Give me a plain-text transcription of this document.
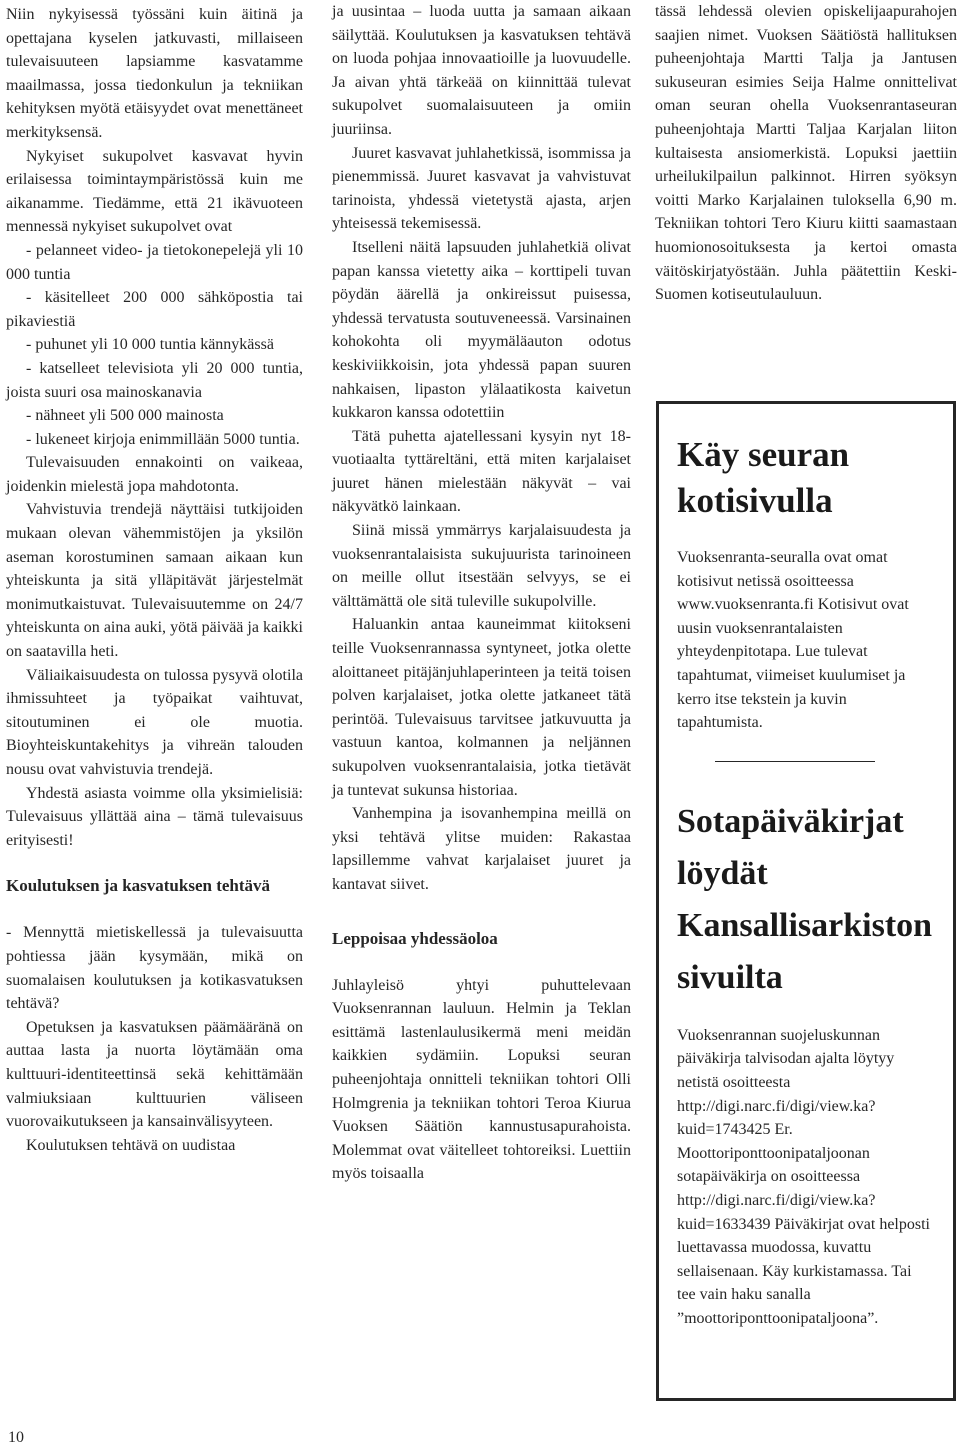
Niin nykyisessä työssäni kuin äitinä ja opettajana kyselen jatkuvasti, millaiseen tulevaisuuteen lapsiamme kasvatamme maailmassa, jossa tiedonkulun ja tekniikan kehityksen myötä etäisyydet ovat menettäneet merkityksensä.

Nykyiset sukupolvet kasvavat hyvin erilaisessa toimintaympäristössä kuin me aikanamme. Tiedämme, että 21 ikävuoteen mennessä nykyiset sukupolvet ovat

- pelanneet video- ja tietokonepelejä yli 10 000 tuntia

- käsitelleet 200 000 sähköpostia tai pikaviestiä

- puhunet yli 10 000 tuntia kännykässä

- katselleet televisiota yli 20 000 tuntia, joista suuri osa mainoskanavia

- nähneet yli 500 000 mainosta

- lukeneet kirjoja enimmillään 5000 tuntia.

Tulevaisuuden ennakointi on vaikeaa, joidenkin mielestä jopa mahdotonta.

Vahvistuvia trendejä näyttäisi tutkijoiden mukaan olevan vähemmistöjen ja yksilön aseman korostuminen samaan aikaan kun yhteiskunta ja sitä ylläpitävät järjestelmät monimutkaistuvat. Tulevaisuutemme on 24/7 yhteiskunta on aina auki, yötä päivää ja kaikki on saatavilla heti.

Väliaikaisuudesta on tulossa pysyvä olotila ihmissuhteet ja työpaikat vaihtuvat, sitoutuminen ei ole muotia. Bioyhteiskuntakehitys ja vihreän talouden nousu ovat vahvistuvia trendejä.

Yhdestä asiasta voimme olla yksimielisiä: Tulevaisuus yllättää aina – tämä tulevaisuus erityisesti!

Koulutuksen ja kasvatuksen tehtävä

- Mennyttä mietiskellessä ja tulevaisuutta pohtiessa jään kysymään, mikä on suomalaisen koulutuksen ja kotikasvatuksen tehtävä?

Opetuksen ja kasvatuksen päämääränä on auttaa lasta ja nuorta löytämään oma kulttuuri-identiteettinsä sekä kehittämään valmiuksiaan kulttuurien väliseen vuorovaikutukseen ja kansainvälisyyteen.

Koulutuksen tehtävä on uudistaa

ja uusintaa – luoda uutta ja samaan aikaan säilyttää. Koulutuksen ja kasvatuksen tehtävä on luoda pohjaa innovaatioille ja luovuudelle. Ja aivan yhtä tärkeää on kiinnittää tulevat sukupolvet suomalaisuuteen ja omiin juuriinsa.

Juuret kasvavat juhlahetkissä, isommissa ja pienemmissä. Juuret kasvavat ja vahvistuvat tarinoista, yhdessä vietetystä ajasta, arjen yhteisessä tekemisessä.

Itselleni näitä lapsuuden juhlahetkiä olivat papan kanssa vietetty aika – korttipeli tuvan pöydän äärellä ja onkireissut puisessa, yhdessä tervatusta soutuveneessä. Varsinainen kohokohta oli myymäläauton odotus keskiviikkoisin, jota yhdessä papan suuren nahkaisen, lipaston ylälaatikosta kaivetun kukkaron kanssa odotettiin

Tätä puhetta ajatellessani kysyin nyt 18-vuotiaalta tyttäreltäni, että miten karjalaiset juuret hänen mielestään näkyvät – vai näkyvätkö lainkaan.

Siinä missä ymmärrys karjalaisuudesta ja vuoksenrantalaisista sukujuurista tarinoineen on meille ollut itsestään selvyys, se ei välttämättä ole sitä tuleville sukupolville.

Haluankin antaa kauneimmat kiitokseni teille Vuoksenrannassa syntyneet, jotka olette aloittaneet pitäjänjuhlaperinteen ja teitä toisen polven karjalaiset, jotka olette jatkaneet tätä perintöä. Tulevaisuus tarvitsee jatkuvuutta ja vastuun kantoa, kolmannen ja neljännen sukupolven vuoksenrantalaisia, jotka tietävät ja tuntevat sukunsa historiaa.

Vanhempina ja isovanhempina meillä on yksi tehtävä ylitse muiden: Rakastaa lapsillemme vahvat karjalaiset juuret ja kantavat siivet.

Leppoisaa yhdessäoloa

Juhlayleisö yhtyi puhuttelevaan Vuoksenrannan lauluun. Helmin ja Teklan esittämä lastenlaulusikermä meni meidän kaikkien sydämiin. Lopuksi seuran puheenjohtaja onnitteli tekniikan tohtori Olli Holmgrenia ja tekniikan tohtori Teroa Kiurua Vuoksen Säätiön kannustusapurahoista. Molemmat ovat väitelleet tohtoreiksi. Luettiin myös toisaalla

tässä lehdessä olevien opiskelijaapurahojen saajien nimet. Vuoksen Säätiöstä hallituksen puheenjohtaja Martti Talja ja Jantusen sukuseuran esimies Seija Halme onnittelivat oman seuran ohella Vuoksenrantaseuran puheenjohtaja Martti Taljaa Karjalan liiton kultaisesta ansiomerkistä. Lopuksi jaettiin urheilukilpailun palkinnot. Hirren syöksyn voitti Marko Karjalainen tuloksella 6,90 m. Tekniikan tohtori Tero Kiuru kiitti saamastaan huomionosoituksesta ja kertoi omasta väitöskirjatyöstään. Juhla päätettiin Keski-Suomen kotiseutulauluun.

Käy seuran kotisivulla

Vuoksenranta-seuralla ovat omat kotisivut netissä osoitteessa www.vuoksenranta.fi Kotisivut ovat uusin vuoksenrantalaisten yhteydenpitotapa. Lue tulevat tapahtumat, viimeiset kuulumiset ja kerro itse tekstein ja kuvin tapahtumista.

Sotapäiväkirjat löydät Kansallisarkiston sivuilta

Vuoksenrannan suojeluskunnan päiväkirja talvisodan ajalta löytyy netistä osoitteesta http://digi.narc.fi/digi/view.ka?kuid=1743425 Er. Moottoriponttoonipataljoonan sotapäiväkirja on osoitteessa http://digi.narc.fi/digi/view.ka?kuid=1633439 Päiväkirjat ovat helposti luettavassa muodossa, kuvattu sellaisenaan. Käy kurkistamassa. Tai tee vain haku sanalla ”moottoriponttoonipataljoona”.

10
